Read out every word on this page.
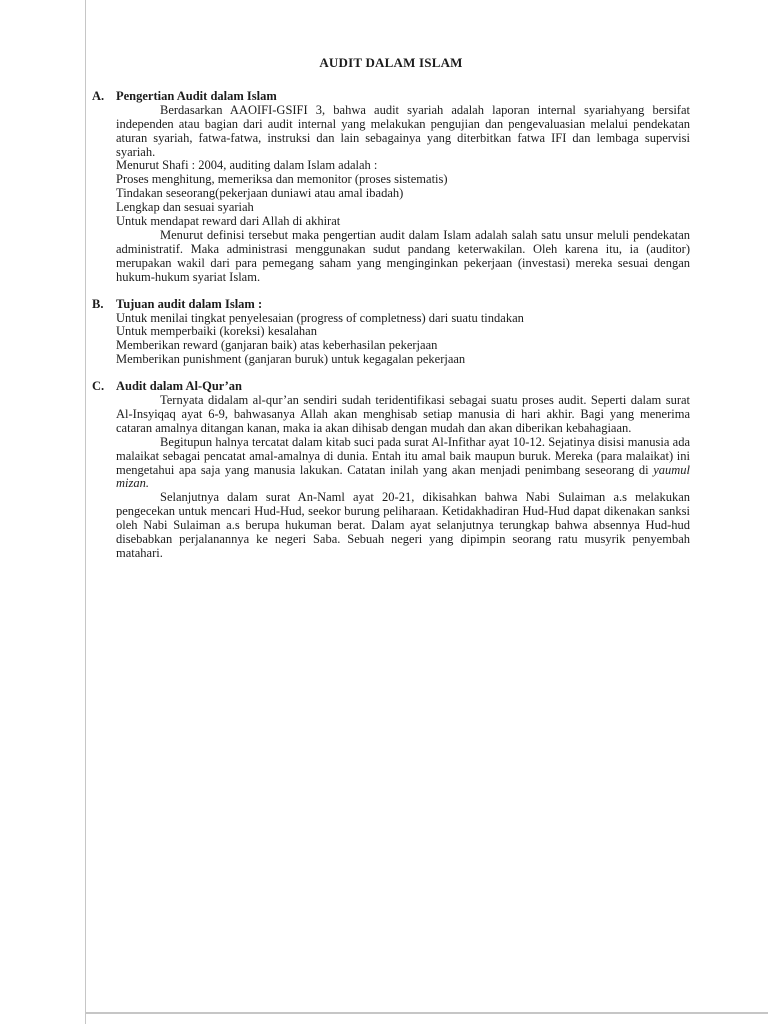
AUDIT DALAM ISLAM
A. Pengertian Audit dalam Islam

Berdasarkan AAOIFI-GSIFI 3, bahwa audit syariah adalah laporan internal syariahyang bersifat independen atau bagian dari audit internal yang melakukan pengujian dan pengevaluasian melalui pendekatan aturan syariah, fatwa-fatwa, instruksi dan lain sebagainya yang diterbitkan fatwa IFI dan lembaga supervisi syariah.

Menurut Shafi : 2004, auditing dalam Islam adalah :

Proses menghitung, memeriksa dan memonitor (proses sistematis)

Tindakan seseorang(pekerjaan duniawi atau amal ibadah)

Lengkap dan sesuai syariah

Untuk mendapat reward dari Allah di akhirat

Menurut definisi tersebut maka pengertian audit dalam Islam adalah salah satu unsur meluli pendekatan administratif. Maka administrasi menggunakan sudut pandang keterwakilan. Oleh karena itu, ia (auditor) merupakan wakil dari para pemegang saham yang menginginkan pekerjaan (investasi) mereka sesuai dengan hukum-hukum syariat Islam.

B.	Tujuan audit dalam Islam :

Untuk menilai tingkat penyelesaian (progress of completness) dari suatu tindakan

Untuk memperbaiki (koreksi) kesalahan

Memberikan reward (ganjaran baik) atas keberhasilan pekerjaan

Memberikan punishment (ganjaran buruk) untuk kegagalan pekerjaan

C. Audit dalam Al-Qur’an

Ternyata didalam al-qur’an sendiri sudah teridentifikasi sebagai suatu proses audit. Seperti dalam surat Al-Insyiqaq ayat 6-9, bahwasanya Allah akan menghisab setiap manusia di hari akhir. Bagi yang menerima cataran amalnya ditangan kanan, maka ia akan dihisab dengan mudah dan akan diberikan kebahagiaan.

Begitupun halnya tercatat dalam kitab suci pada surat Al-Infithar ayat 10-12. Sejatinya disisi manusia ada malaikat sebagai pencatat amal-amalnya di dunia. Entah itu amal baik maupun buruk. Mereka (para malaikat) ini mengetahui apa saja yang manusia lakukan. Catatan inilah yang akan menjadi penimbang seseorang di yaumul mizan.

Selanjutnya dalam surat An-Naml ayat 20-21, dikisahkan bahwa Nabi Sulaiman a.s melakukan pengecekan untuk mencari Hud-Hud, seekor burung peliharaan. Ketidakhadiran Hud-Hud dapat dikenakan sanksi oleh Nabi Sulaiman a.s berupa hukuman berat. Dalam ayat selanjutnya terungkap bahwa absennya Hud-hud disebabkan perjalanannya ke negeri Saba. Sebuah negeri yang dipimpin seorang ratu musyrik penyembah matahari.
